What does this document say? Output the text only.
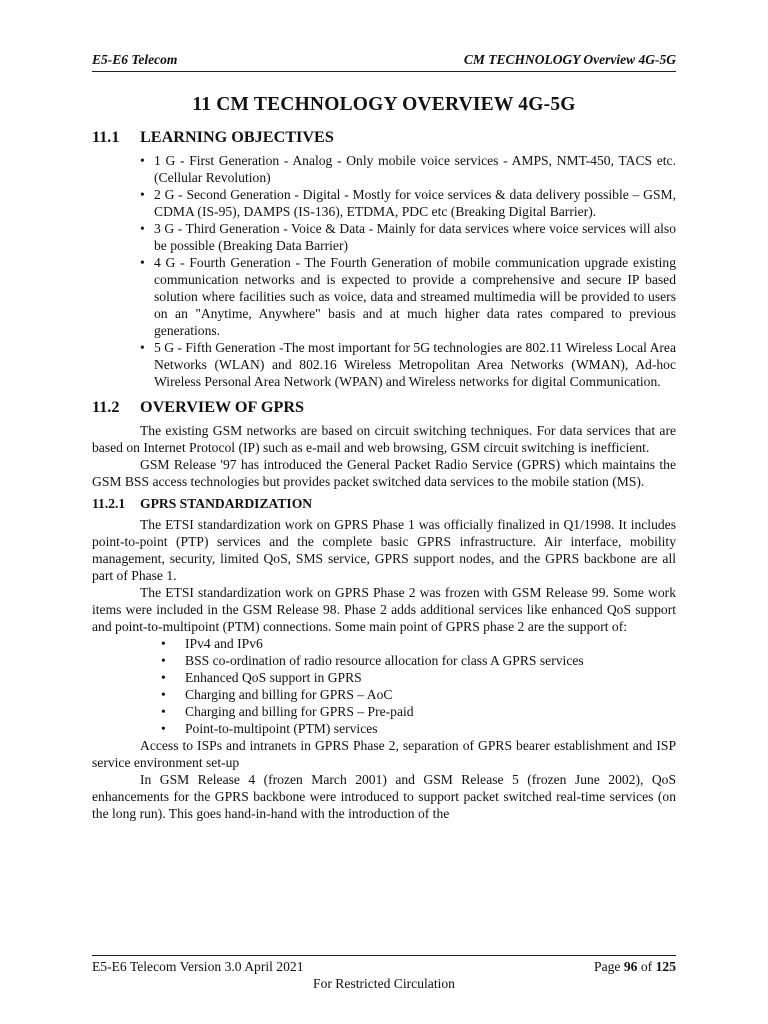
E5-E6 Telecom	CM TECHNOLOGY Overview 4G-5G
11 CM TECHNOLOGY OVERVIEW 4G-5G
11.1 LEARNING OBJECTIVES
• 1 G - First Generation - Analog - Only mobile voice services - AMPS, NMT-450, TACS etc. (Cellular Revolution)
• 2 G - Second Generation - Digital - Mostly for voice services & data delivery possible – GSM, CDMA (IS-95), DAMPS (IS-136), ETDMA, PDC etc (Breaking Digital Barrier).
• 3 G - Third Generation - Voice & Data - Mainly for data services where voice services will also be possible (Breaking Data Barrier)
• 4 G - Fourth Generation - The Fourth Generation of mobile communication upgrade existing communication networks and is expected to provide a comprehensive and secure IP based solution where facilities such as voice, data and streamed multimedia will be provided to users on an "Anytime, Anywhere" basis and at much higher data rates compared to previous generations.
• 5 G - Fifth Generation -The most important for 5G technologies are 802.11 Wireless Local Area Networks (WLAN) and 802.16 Wireless Metropolitan Area Networks (WMAN), Ad-hoc Wireless Personal Area Network (WPAN) and Wireless networks for digital Communication.
11.2 OVERVIEW OF GPRS

The existing GSM networks are based on circuit switching techniques. For data services that are based on Internet Protocol (IP) such as e-mail and web browsing, GSM circuit switching is inefficient.

GSM Release '97 has introduced the General Packet Radio Service (GPRS) which maintains the GSM BSS access technologies but provides packet switched data services to the mobile station (MS).

11.2.1 GPRS STANDARDIZATION

The ETSI standardization work on GPRS Phase 1 was officially finalized in Q1/1998. It includes point-to-point (PTP) services and the complete basic GPRS infrastructure. Air interface, mobility management, security, limited QoS, SMS service, GPRS support nodes, and the GPRS backbone are all part of Phase 1.

The ETSI standardization work on GPRS Phase 2 was frozen with GSM Release 99. Some work items were included in the GSM Release 98. Phase 2 adds additional services like enhanced QoS support and point-to-multipoint (PTM) connections. Some main point of GPRS phase 2 are the support of:

• IPv4 and IPv6
• BSS co-ordination of radio resource allocation for class A GPRS services
• Enhanced QoS support in GPRS
• Charging and billing for GPRS – AoC
• Charging and billing for GPRS – Pre-paid
• Point-to-multipoint (PTM) services

Access to ISPs and intranets in GPRS Phase 2, separation of GPRS bearer establishment and ISP service environment set-up

In GSM Release 4 (frozen March 2001) and GSM Release 5 (frozen June 2002), QoS enhancements for the GPRS backbone were introduced to support packet switched real-time services (on the long run). This goes hand-in-hand with the introduction of the

E5-E6 Telecom Version 3.0 April 2021	Page 96 of 125
For Restricted Circulation
